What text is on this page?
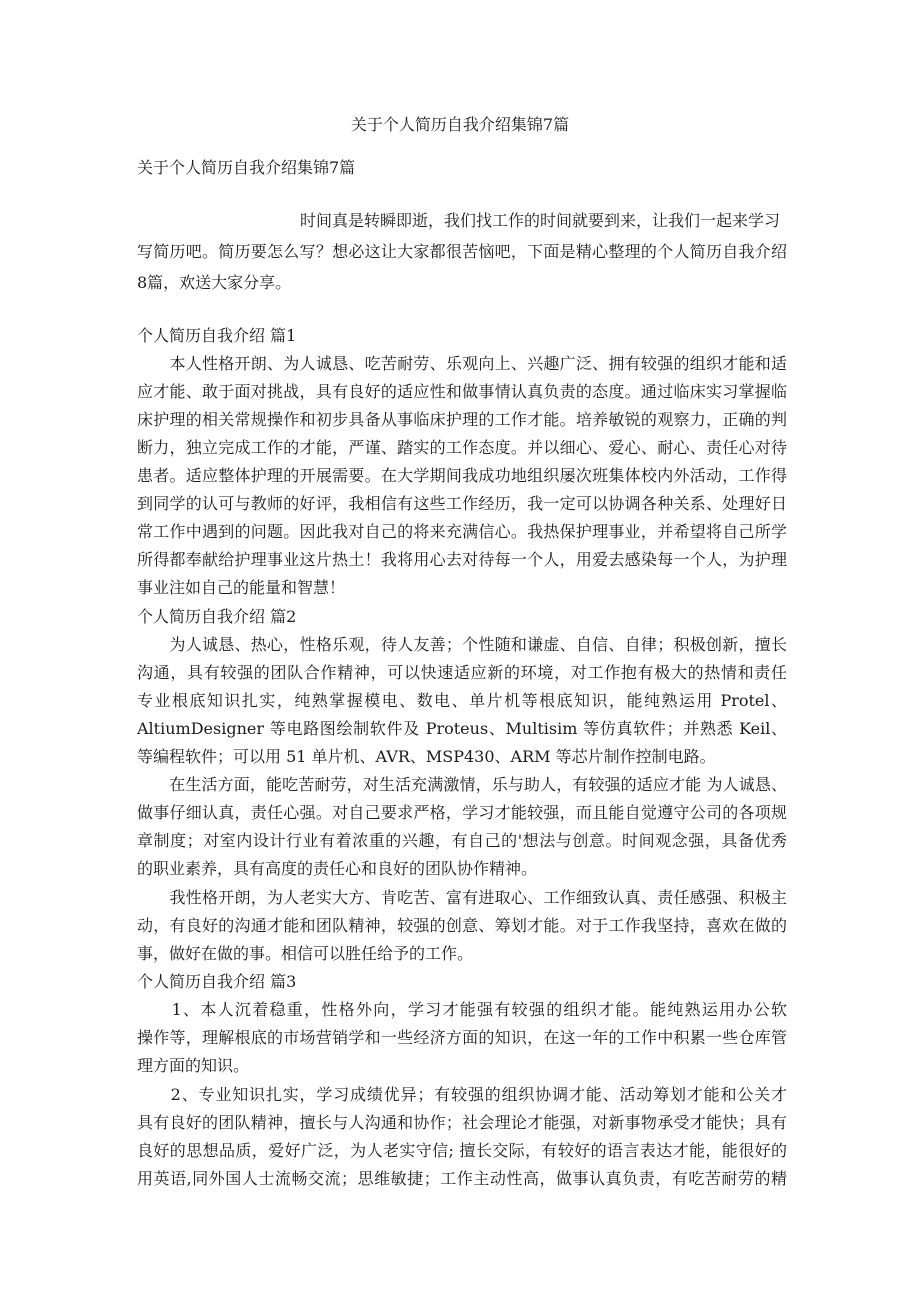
关于个人简历自我介绍集锦7篇
关于个人简历自我介绍集锦7篇
时间真是转瞬即逝，我们找工作的时间就要到来，让我们一起来学习
写简历吧。简历要怎么写？想必这让大家都很苦恼吧，下面是精心整理的个人简历自我介绍
8篇，欢送大家分享。
个人简历自我介绍 篇1
　　本人性格开朗、为人诚恳、吃苦耐劳、乐观向上、兴趣广泛、拥有较强的组织才能和适
应才能、敢于面对挑战，具有良好的适应性和做事情认真负责的态度。通过临床实习掌握临
床护理的相关常规操作和初步具备从事临床护理的工作才能。培养敏锐的观察力，正确的判
断力，独立完成工作的才能，严谨、踏实的工作态度。并以细心、爱心、耐心、责任心对待
患者。适应整体护理的开展需要。在大学期间我成功地组织屡次班集体校内外活动，工作得
到同学的认可与教师的好评，我相信有这些工作经历，我一定可以协调各种关系、处理好日
常工作中遇到的问题。因此我对自己的将来充满信心。我热保护理事业，并希望将自己所学
所得都奉献给护理事业这片热土！我将用心去对待每一个人，用爱去感染每一个人，为护理
事业注如自己的能量和智慧！
个人简历自我介绍 篇2
　　为人诚恳、热心，性格乐观，待人友善；个性随和谦虚、自信、自律；积极创新，擅长
沟通，具有较强的团队合作精神，可以快速适应新的环境，对工作抱有极大的热情和责任
专业根底知识扎实，纯熟掌握模电、数电、单片机等根底知识，能纯熟运用 Protel、
AltiumDesigner 等电路图绘制软件及 Proteus、Multisim 等仿真软件；并熟悉 Keil、
等编程软件；可以用 51 单片机、AVR、MSP430、ARM 等芯片制作控制电路。
　　在生活方面，能吃苦耐劳，对生活充满激情，乐与助人，有较强的适应才能 为人诚恳、
做事仔细认真，责任心强。对自己要求严格，学习才能较强，而且能自觉遵守公司的各项规
章制度；对室内设计行业有着浓重的兴趣，有自己的'想法与创意。时间观念强，具备优秀
的职业素养，具有高度的责任心和良好的团队协作精神。
　　我性格开朗，为人老实大方、肯吃苦、富有进取心、工作细致认真、责任感强、积极主
动，有良好的沟通才能和团队精神，较强的创意、筹划才能。对于工作我坚持，喜欢在做的
事，做好在做的事。相信可以胜任给予的工作。
个人简历自我介绍 篇3
　　1、本人沉着稳重，性格外向，学习才能强有较强的组织才能。能纯熟运用办公软
操作等，理解根底的市场营销学和一些经济方面的知识，在这一年的工作中积累一些仓库管
理方面的知识。
　　2、专业知识扎实，学习成绩优异；有较强的组织协调才能、活动筹划才能和公关才
具有良好的团队精神，擅长与人沟通和协作；社会理论才能强，对新事物承受才能快；具有
良好的思想品质，爱好广泛，为人老实守信; 擅长交际，有较好的语言表达才能，能很好的
用英语,同外国人士流畅交流；思维敏捷；工作主动性高，做事认真负责，有吃苦耐劳的精
